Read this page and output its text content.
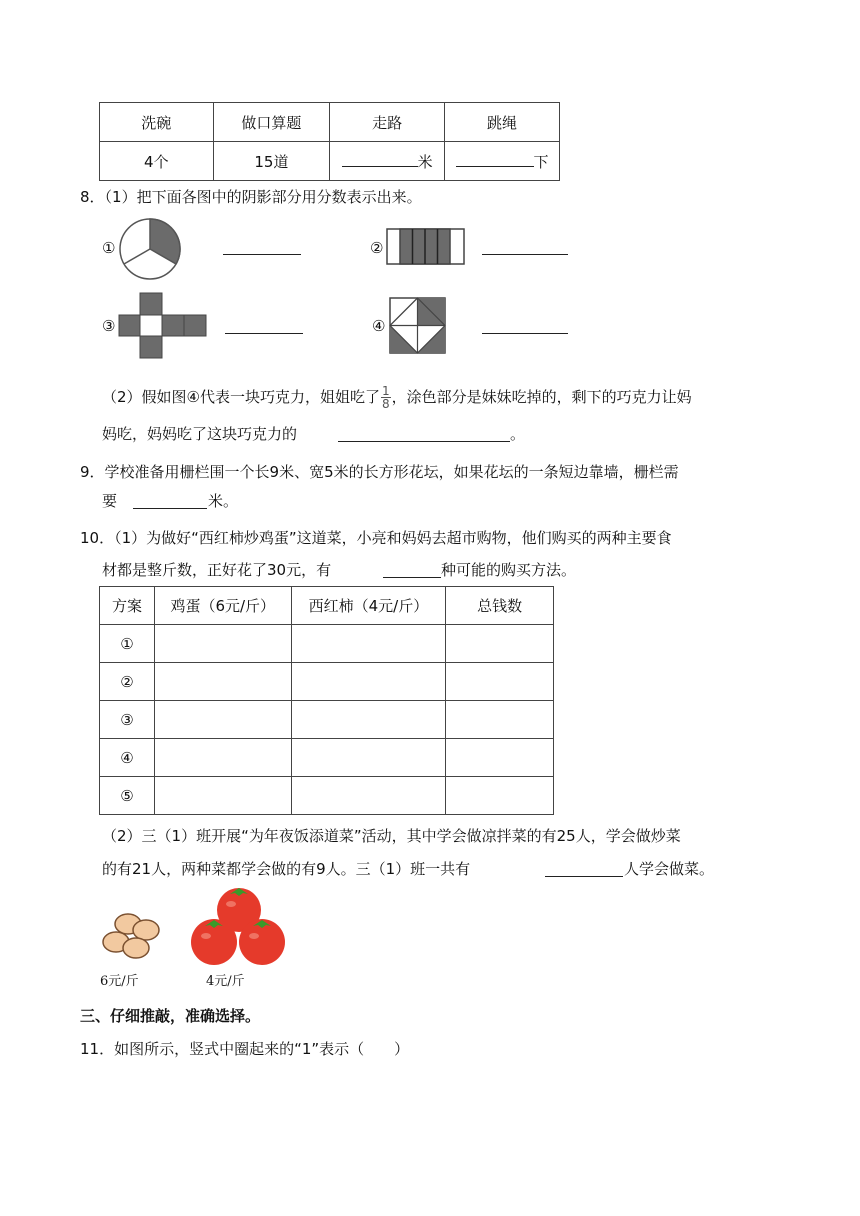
洗碗	做口算题	走路	跳绳
4个	15道	米	下
8．（1）把下面各图中的阴影部分用分数表示出来。
①	②
③	④
（2）假如图④代表一块巧克力，姐姐吃了 $\frac{1}{8}$ ，涂色部分是妹妹吃掉的，剩下的巧克力让妈
妈吃，妈妈吃了这块巧克力的	。
9．学校准备用栅栏围一个长9米、宽5米的长方形花坛，如果花坛的一条短边靠墙，栅栏需
要	米。
10．（1）为做好“西红柿炒鸡蛋”这道菜，小亮和妈妈去超市购物，他们购买的两种主要食
材都是整斤数，正好花了30元，有	种可能的购买方法。
方案	鸡蛋（6元/斤）	西红柿（4元/斤）	总钱数
①			
②			
③			
④			
⑤			
（2）三（1）班开展“为年夜饭添道菜”活动，其中学会做凉拌菜的有25人，学会做炒菜
的有21人，两种菜都学会做的有9人。三（1）班一共有	人学会做菜。
6元/斤	4元/斤
三、仔细推敲，准确选择。
11．如图所示，竖式中圈起来的“1”表示（　　）
